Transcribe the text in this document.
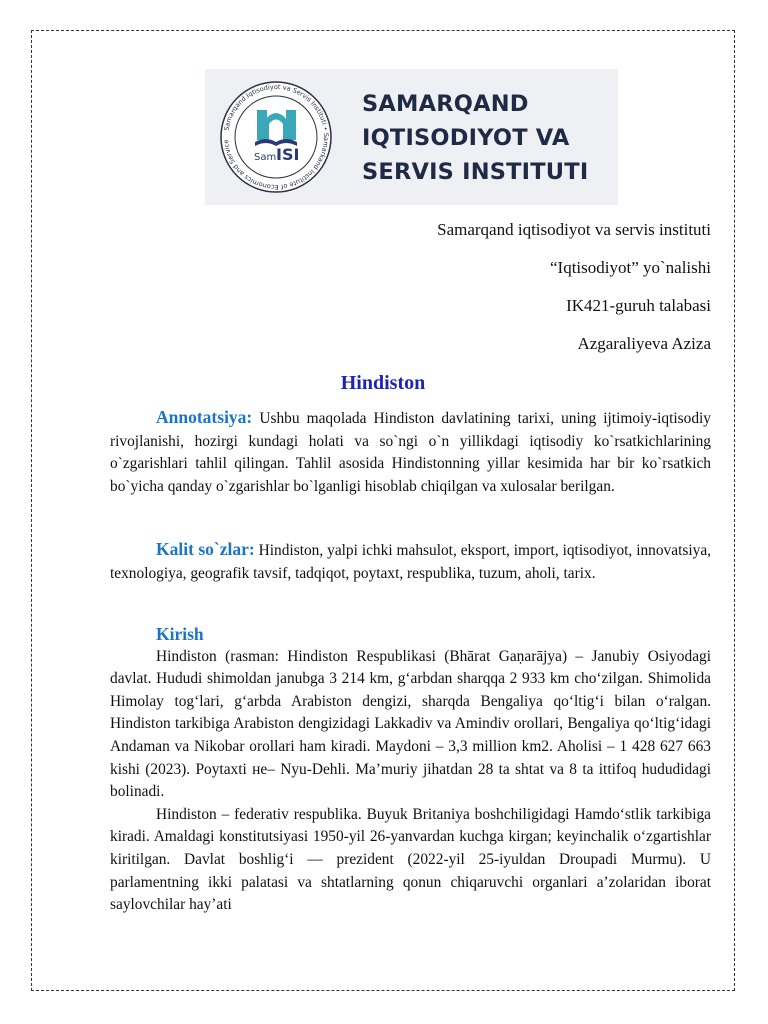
Samarqand Iqtisodiyot va Servis Instituti • Samarkand Institute of Economics and Service
Sam ISI
SAMARQAND
IQTISODIYOT VA
SERVIS INSTITUTI
Samarqand iqtisodiyot va servis instituti
“Iqtisodiyot” yo`nalishi
IK421-guruh talabasi
Azgaraliyeva Aziza
Hindiston

Annotatsiya: Ushbu maqolada Hindiston davlatining tarixi, uning ijtimoiy-iqtisodiy rivojlanishi, hozirgi kundagi holati va so`ngi o`n yillikdagi iqtisodiy ko`rsatkichlarining o`zgarishlari tahlil qilingan. Tahlil asosida Hindistonning yillar kesimida har bir ko`rsatkich bo`yicha qanday o`zgarishlar bo`lganligi hisoblab chiqilgan va xulosalar berilgan.

Kalit so`zlar: Hindiston, yalpi ichki mahsulot, eksport, import, iqtisodiyot, innovatsiya, texnologiya, geografik tavsif, tadqiqot, poytaxt, respublika, tuzum, aholi, tarix.

Kirish

Hindiston (rasman: Hindiston Respublikasi (Bhārat Gaṇarājya) – Janubiy Osiyodagi davlat. Hududi shimoldan janubga 3 214 km, g‘arbdan sharqqa 2 933 km cho‘zilgan. Shimolida Himolay tog‘lari, g‘arbda Arabiston dengizi, sharqda Bengaliya qo‘ltig‘i bilan o‘ralgan. Hindiston tarkibiga Arabiston dengizidagi Lakkadiv va Amindiv orollari, Bengaliya qo‘ltig‘idagi Andaman va Nikobar orollari ham kiradi. Maydoni – 3,3 million km2. Aholisi – 1 428 627 663 kishi (2023). Poytaxti не– Nyu-Dehli. Ma’muriy jihatdan 28 ta shtat va 8 ta ittifoq hududidagi bolinadi.

Hindiston – federativ respublika. Buyuk Britaniya boshchiligidagi Hamdo‘stlik tarkibiga kiradi. Amaldagi konstitutsiyasi 1950-yil 26-yanvardan kuchga kirgan; keyinchalik o‘zgartishlar kiritilgan. Davlat boshlig‘i — prezident (2022-yil 25-iyuldan Droupadi Murmu). U parlamentning ikki palatasi va shtatlarning qonun chiqaruvchi organlari a’zolaridan iborat saylovchilar hay’ati
